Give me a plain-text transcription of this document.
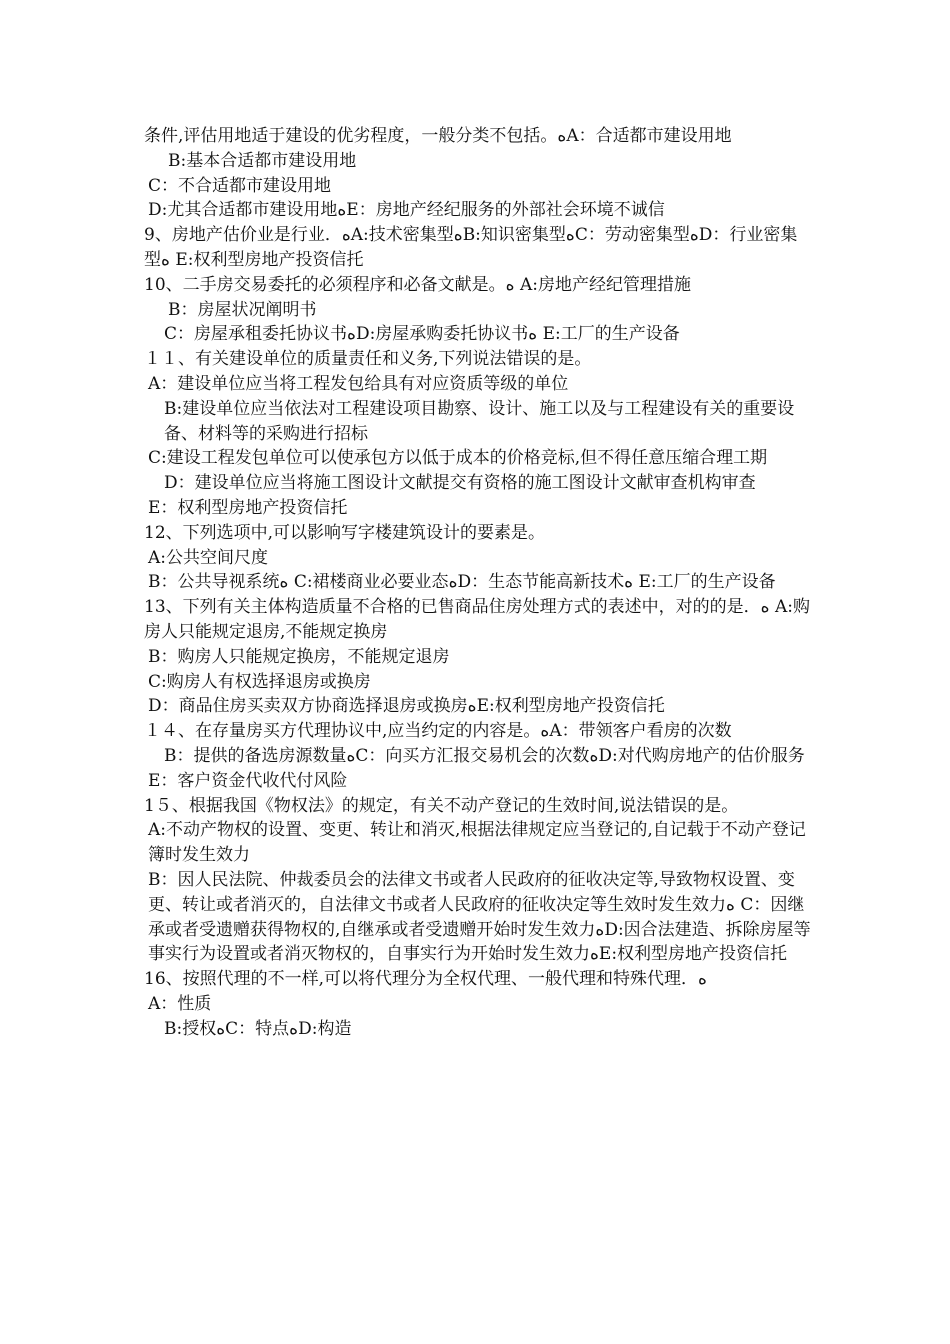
条件,评估用地适于建设的优劣程度，一般分类不包括。ﻩA：合适都市建设用地

B:基本合适都市建设用地

C：不合适都市建设用地

D:尤其合适都市建设用地ﻩE：房地产经纪服务的外部社会环境不诚信

9、房地产估价业是行业．ﻩA:技术密集型ﻩB:知识密集型ﻩC：劳动密集型ﻩD：行业密集型ﻩ E:权利型房地产投资信托

10、二手房交易委托的必须程序和必备文献是。ﻩ A:房地产经纪管理措施

B：房屋状况阐明书

C：房屋承租委托协议书ﻩD:房屋承购委托协议书ﻩ E:工厂的生产设备

１１、有关建设单位的质量责任和义务,下列说法错误的是。

A：建设单位应当将工程发包给具有对应资质等级的单位

B:建设单位应当依法对工程建设项目勘察、设计、施工以及与工程建设有关的重要设备、材料等的采购进行招标

C:建设工程发包单位可以使承包方以低于成本的价格竞标,但不得任意压缩合理工期

D：建设单位应当将施工图设计文献提交有资格的施工图设计文献审查机构审查

E：权利型房地产投资信托

12、下列选项中,可以影响写字楼建筑设计的要素是。

A:公共空间尺度

B：公共导视系统ﻩ C:裙楼商业必要业态ﻩD：生态节能高新技术ﻩ E:工厂的生产设备

13、下列有关主体构造质量不合格的已售商品住房处理方式的表述中，对的的是．ﻩ A:购房人只能规定退房,不能规定换房

B：购房人只能规定换房，不能规定退房

C:购房人有权选择退房或换房

D：商品住房买卖双方协商选择退房或换房ﻩE:权利型房地产投资信托

１４、在存量房买方代理协议中,应当约定的内容是。ﻩA：带领客户看房的次数

B：提供的备选房源数量ﻩC：向买方汇报交易机会的次数ﻩD:对代购房地产的估价服务

E：客户资金代收代付风险

1５、根据我国《物权法》的规定，有关不动产登记的生效时间,说法错误的是。

A:不动产物权的设置、变更、转让和消灭,根据法律规定应当登记的,自记载于不动产登记簿时发生效力

B：因人民法院、仲裁委员会的法律文书或者人民政府的征收决定等,导致物权设置、变更、转让或者消灭的，自法律文书或者人民政府的征收决定等生效时发生效力ﻩ C：因继承或者受遗赠获得物权的,自继承或者受遗赠开始时发生效力ﻩD:因合法建造、拆除房屋等事实行为设置或者消灭物权的，自事实行为开始时发生效力ﻩE:权利型房地产投资信托

16、按照代理的不一样,可以将代理分为全权代理、一般代理和特殊代理．ﻩ

A：性质

B:授权ﻩC：特点ﻩD:构造
